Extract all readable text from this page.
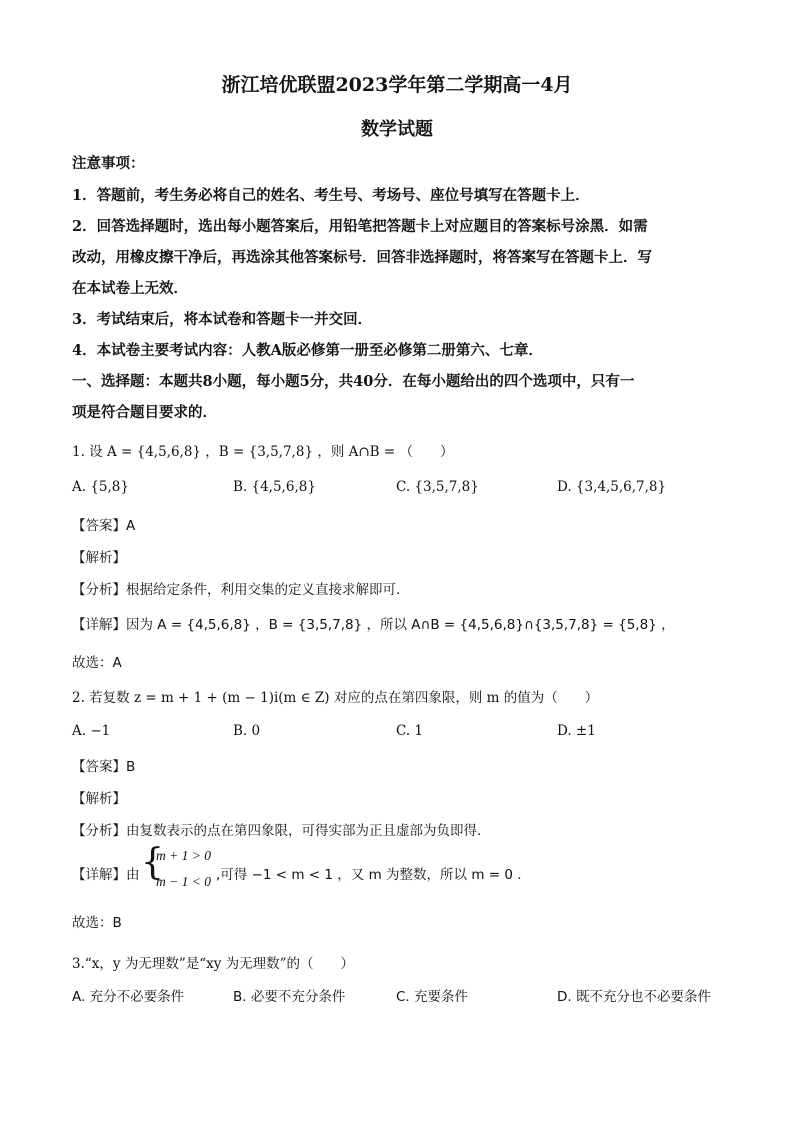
浙江培优联盟2023学年第二学期高一4月
数学试题
注意事项：
1．答题前，考生务必将自己的姓名、考生号、考场号、座位号填写在答题卡上．
2．回答选择题时，选出每小题答案后，用铅笔把答题卡上对应题目的答案标号涂黑．如需
改动，用橡皮擦干净后，再选涂其他答案标号．回答非选择题时，将答案写在答题卡上．写
在本试卷上无效．
3．考试结束后，将本试卷和答题卡一并交回．
4．本试卷主要考试内容：人教A版必修第一册至必修第二册第六、七章．
一、选择题：本题共8小题，每小题5分，共40分．在每小题给出的四个选项中，只有一
项是符合题目要求的．
1. 设 A = {4,5,6,8} ，B = {3,5,7,8} ，则 A∩B = （　　）
A. {5,8}	B. {4,5,6,8}	C. {3,5,7,8}	D. {3,4,5,6,7,8}
【答案】A
【解析】
【分析】根据给定条件，利用交集的定义直接求解即可.
【详解】因为 A = {4,5,6,8} ，B = {3,5,7,8} ，所以 A∩B = {4,5,6,8}∩{3,5,7,8} = {5,8} ，
故选：A
2. 若复数 z = m + 1 + (m − 1)i(m ∈ Z) 对应的点在第四象限，则 m 的值为（　　）
A. −1	B. 0	C. 1	D. ±1
【答案】B
【解析】
【分析】由复数表示的点在第四象限，可得实部为正且虚部为负即得.
【详解】由 {
m + 1 > 0
m − 1 < 0 ,可得 −1 < m < 1 ，又 m 为整数，所以 m = 0 .
故选：B
3.“x，y 为无理数”是“xy 为无理数”的（　　）
A. 充分不必要条件	B. 必要不充分条件	C. 充要条件	D. 既不充分也不必要条件
